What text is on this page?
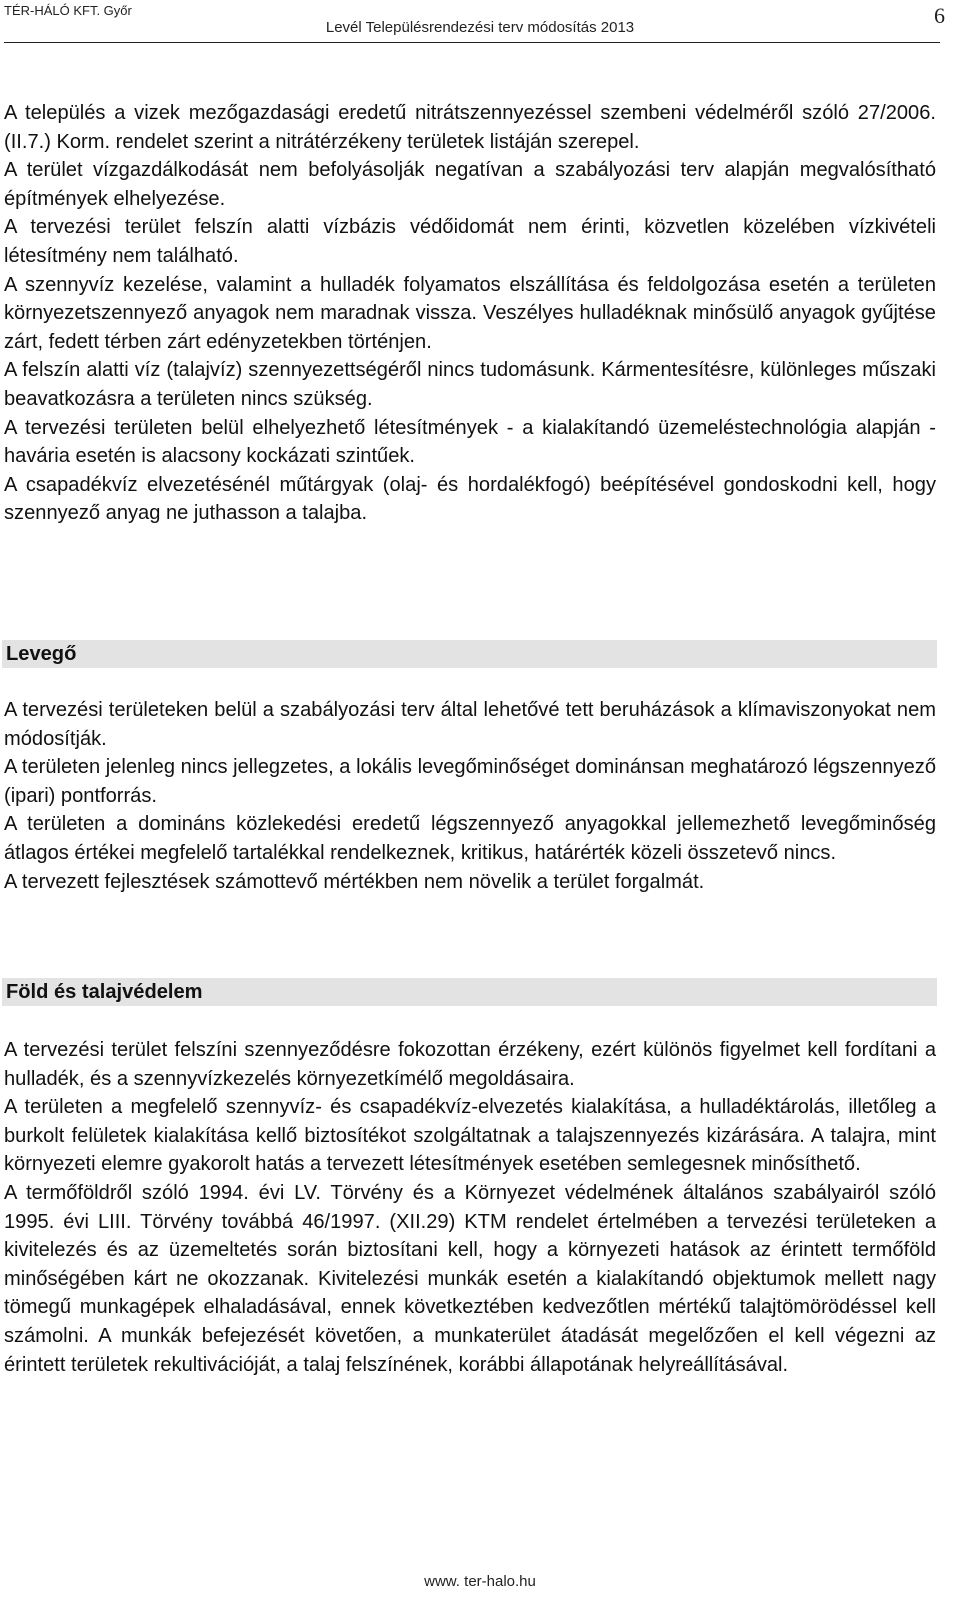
TÉR-HÁLÓ KFT. Győr
Levél Településrendezési terv módosítás 2013	6

A település a vizek mezőgazdasági eredetű nitrátszennyezéssel szembeni védelméről szóló 27/2006.(II.7.) Korm. rendelet szerint a nitrátérzékeny területek listáján szerepel.

A terület vízgazdálkodását nem befolyásolják negatívan a szabályozási terv alapján megvalósítható építmények elhelyezése.

A tervezési terület felszín alatti vízbázis védőidomát nem érinti, közvetlen közelében vízkivételi létesítmény nem található.

A szennyvíz kezelése, valamint a hulladék folyamatos elszállítása és feldolgozása esetén a területen környezetszennyező anyagok nem maradnak vissza. Veszélyes hulladéknak minősülő anyagok gyűjtése zárt, fedett térben zárt edényzetekben történjen.

A felszín alatti víz (talajvíz) szennyezettségéről nincs tudomásunk. Kármentesítésre, különleges műszaki beavatkozásra a területen nincs szükség.

A tervezési területen belül elhelyezhető létesítmények - a kialakítandó üzemeléstechnológia alapján - havária esetén is alacsony kockázati szintűek.

A csapadékvíz elvezetésénél műtárgyak (olaj- és hordalékfogó) beépítésével gondoskodni kell, hogy szennyező anyag ne juthasson a talajba.

Levegő

A tervezési területeken belül a szabályozási terv által lehetővé tett beruházások a klímaviszonyokat nem módosítják.

A területen jelenleg nincs jellegzetes, a lokális levegőminőséget dominánsan meghatározó légszennyező (ipari) pontforrás.

A területen a domináns közlekedési eredetű légszennyező anyagokkal jellemezhető levegőminőség átlagos értékei megfelelő tartalékkal rendelkeznek, kritikus, határérték közeli összetevő nincs.

A tervezett fejlesztések számottevő mértékben nem növelik a terület forgalmát.

Föld és talajvédelem

A tervezési terület felszíni szennyeződésre fokozottan érzékeny, ezért különös figyelmet kell fordítani a hulladék, és a szennyvízkezelés környezetkímélő megoldásaira.

A területen a megfelelő szennyvíz- és csapadékvíz-elvezetés kialakítása, a hulladéktárolás, illetőleg a burkolt felületek kialakítása kellő biztosítékot szolgáltatnak a talajszennyezés kizárására. A talajra, mint környezeti elemre gyakorolt hatás a tervezett létesítmények esetében semlegesnek minősíthető.

A termőföldről szóló 1994. évi LV. Törvény és a Környezet védelmének általános szabályairól szóló 1995. évi LIII. Törvény továbbá 46/1997. (XII.29) KTM rendelet értelmében a tervezési területeken a kivitelezés és az üzemeltetés során biztosítani kell, hogy a környezeti hatások az érintett termőföld minőségében kárt ne okozzanak. Kivitelezési munkák esetén a kialakítandó objektumok mellett nagy tömegű munkagépek elhaladásával, ennek következtében kedvezőtlen mértékű talajtömörödéssel kell számolni. A munkák befejezését követően, a munkaterület átadását megelőzően el kell végezni az érintett területek rekultivációját, a talaj felszínének, korábbi állapotának helyreállításával.

www. ter-halo.hu
